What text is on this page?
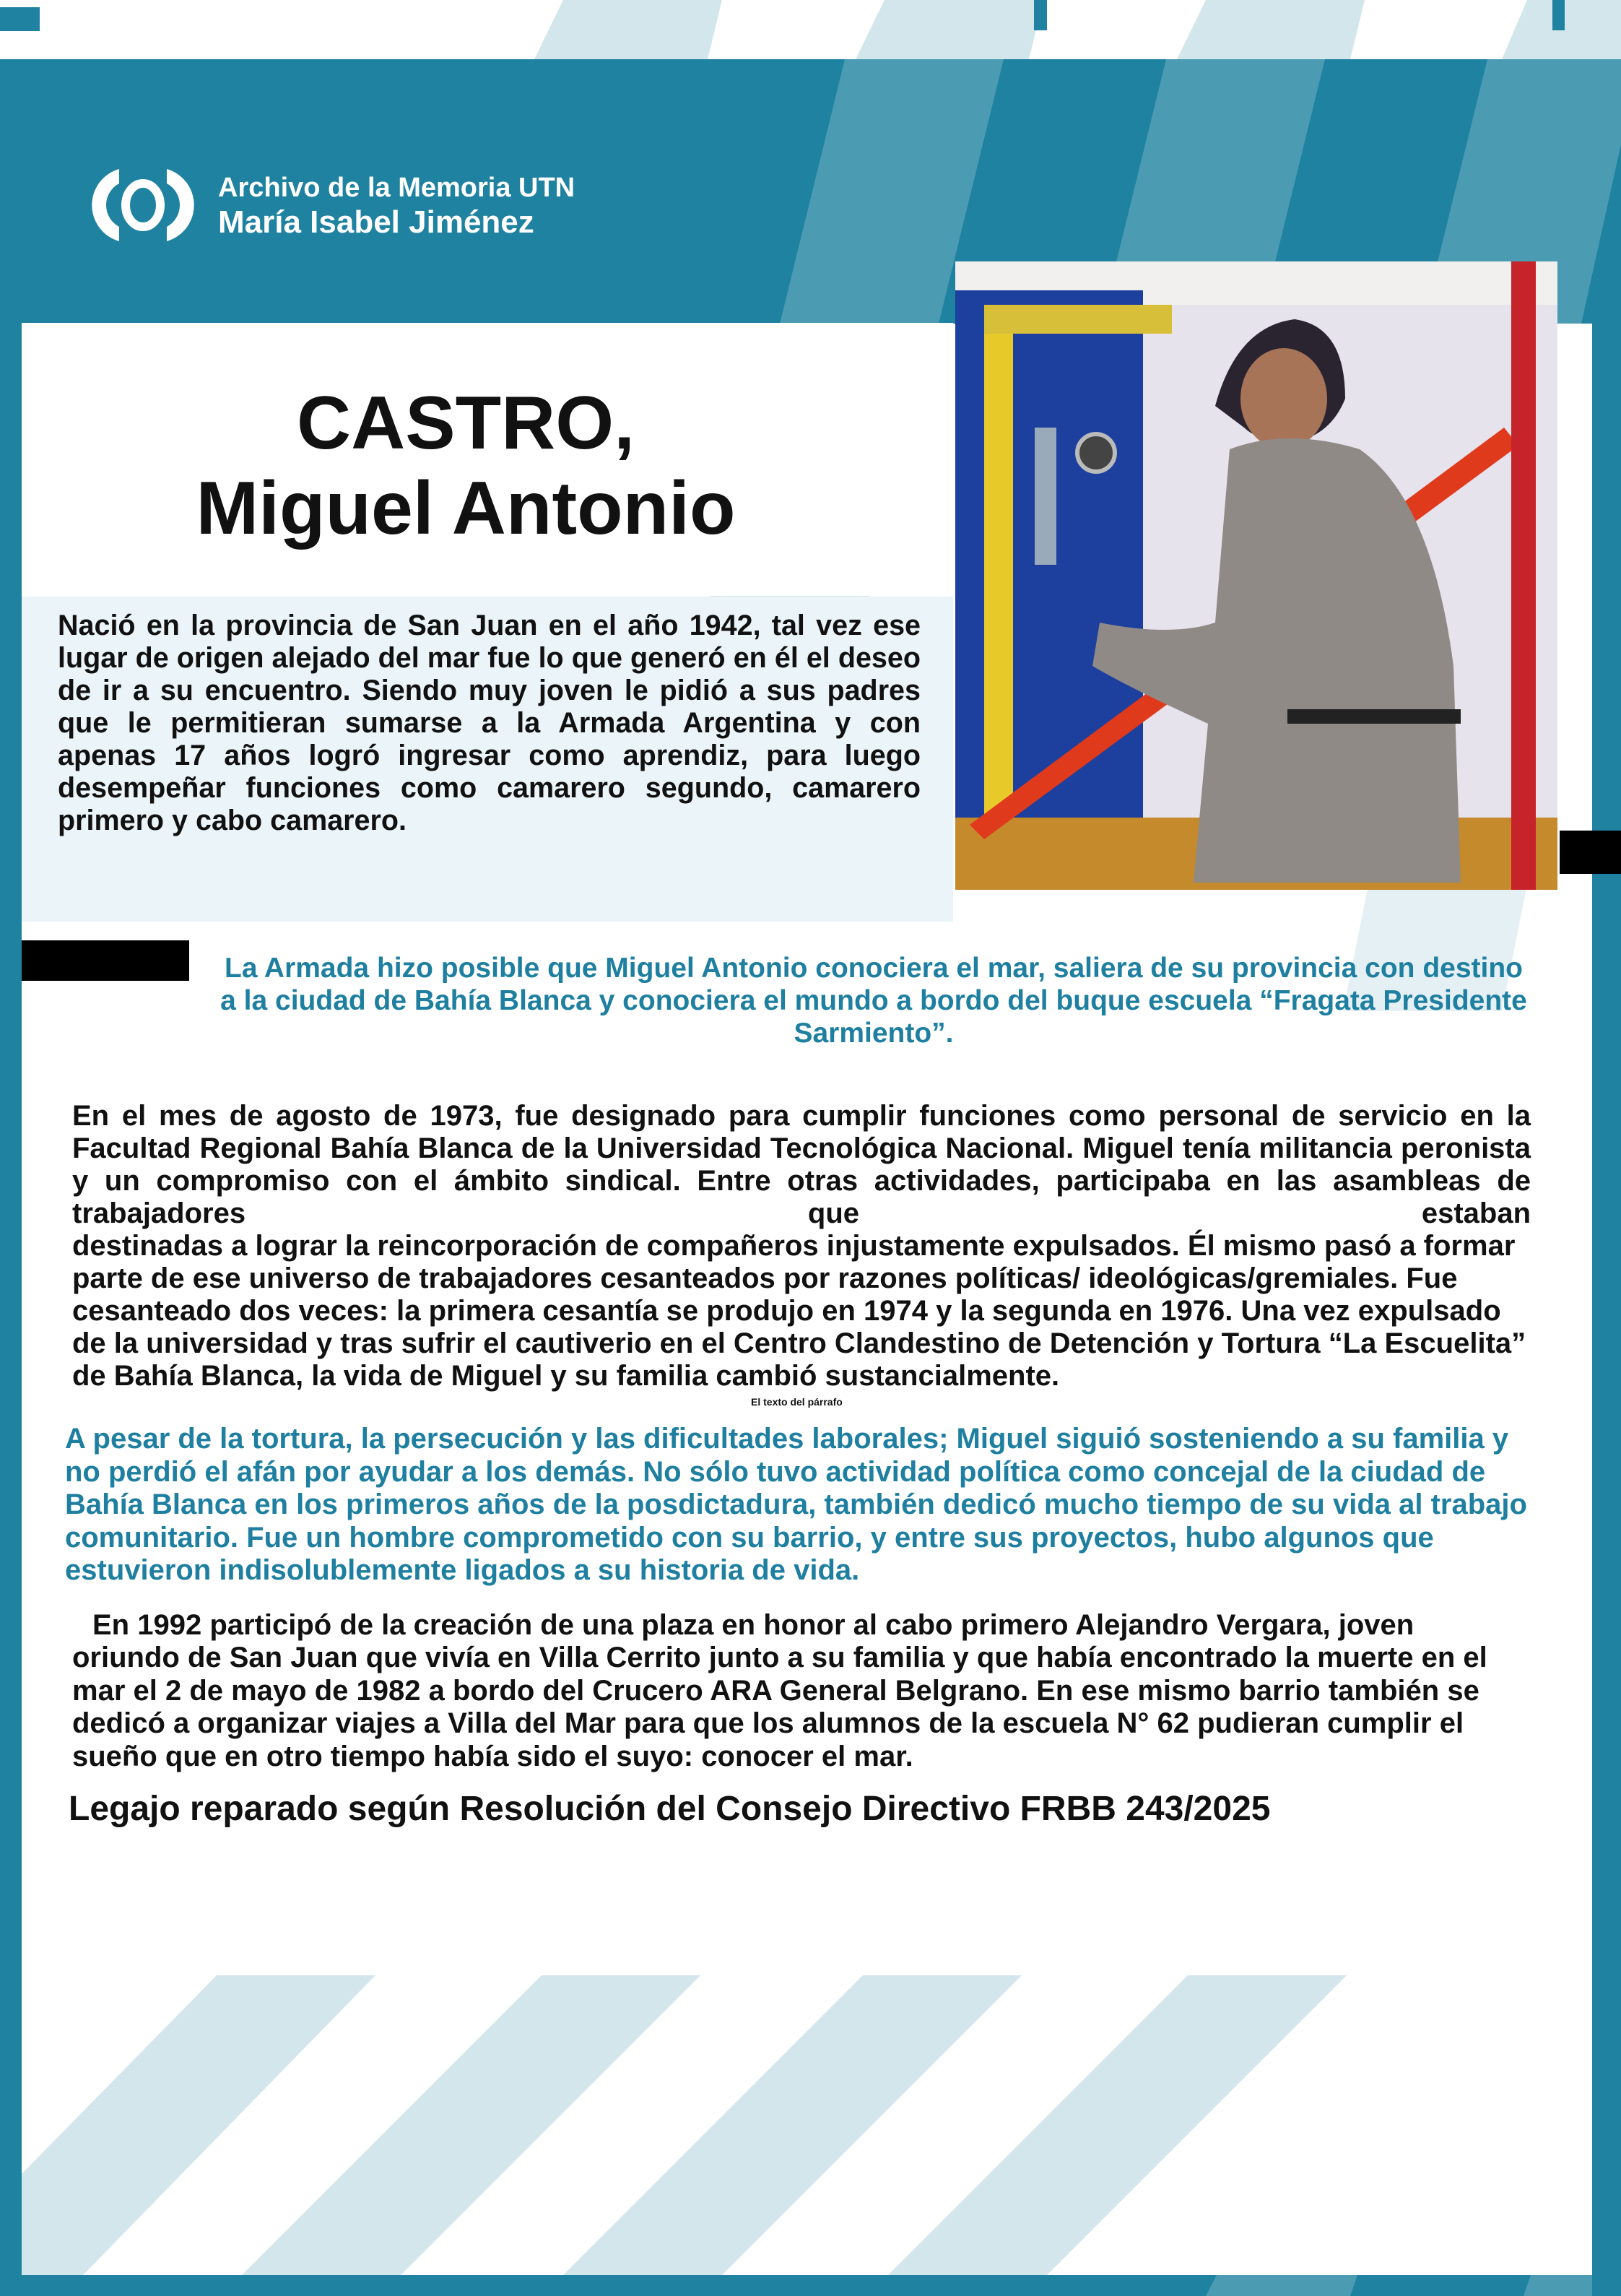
Archivo de la Memoria UTN
María Isabel Jiménez
CASTRO,
Miguel Antonio
Nació en la provincia de San Juan en el año 1942, tal vez ese lugar de origen alejado del mar fue lo que generó en él el deseo de ir a su encuentro. Siendo muy joven le pidió a sus padres que le permitieran sumarse a la Armada Argentina y con apenas 17 años logró ingresar como aprendiz, para luego desempeñar funciones como camarero segundo, camarero primero y cabo camarero.
La Armada hizo posible que Miguel Antonio conociera el mar, saliera de su provincia con destino a la ciudad de Bahía Blanca y conociera el mundo a bordo del buque escuela “Fragata Presidente Sarmiento”.
En el mes de agosto de 1973, fue designado para cumplir funciones como personal de servicio en la Facultad Regional Bahía Blanca de la Universidad Tecnológica Nacional. Miguel tenía militancia peronista y un compromiso con el ámbito sindical. Entre otras actividades, participaba en las asambleas de trabajadores que estaban
destinadas a lograr la reincorporación de compañeros injustamente expulsados. Él mismo pasó a formar parte de ese universo de trabajadores cesanteados por razones políticas/ ideológicas/gremiales. Fue cesanteado dos veces: la primera cesantía se produjo en 1974 y la segunda en 1976. Una vez expulsado de la universidad y tras sufrir el cautiverio en el Centro Clandestino de Detención y Tortura “La Escuelita” de Bahía Blanca, la vida de Miguel y su familia cambió sustancialmente.
El texto del párrafo
A pesar de la tortura, la persecución y las dificultades laborales; Miguel siguió sosteniendo a su familia y no perdió el afán por ayudar a los demás. No sólo tuvo actividad política como concejal de la ciudad de Bahía Blanca en los primeros años de la posdictadura, también dedicó mucho tiempo de su vida al trabajo comunitario. Fue un hombre comprometido con su barrio, y entre sus proyectos, hubo algunos que estuvieron indisolublemente ligados a su historia de vida.
En 1992 participó de la creación de una plaza en honor al cabo primero Alejandro Vergara, joven oriundo de San Juan que vivía en Villa Cerrito junto a su familia y que había encontrado la muerte en el mar el 2 de mayo de 1982 a bordo del Crucero ARA General Belgrano. En ese mismo barrio también se dedicó a organizar viajes a Villa del Mar para que los alumnos de la escuela N° 62 pudieran cumplir el sueño que en otro tiempo había sido el suyo: conocer el mar.
Legajo reparado según Resolución del Consejo Directivo FRBB 243/2025
